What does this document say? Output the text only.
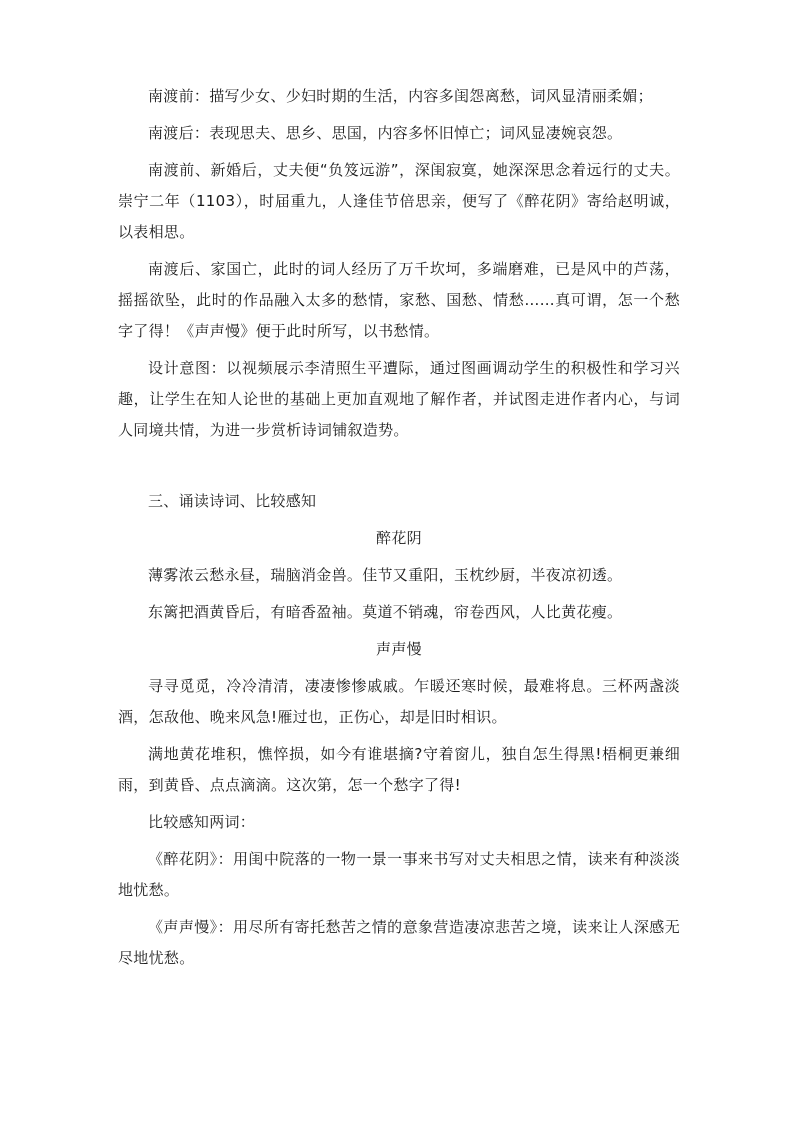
南渡前：描写少女、少妇时期的生活，内容多闺怨离愁，词风显清丽柔媚；

南渡后：表现思夫、思乡、思国，内容多怀旧悼亡；词风显凄婉哀怨。

南渡前、新婚后，丈夫便“负笈远游”，深闺寂寞，她深深思念着远行的丈夫。崇宁二年（1103），时届重九，人逢佳节倍思亲，便写了《醉花阴》寄给赵明诚，以表相思。

南渡后、家国亡，此时的词人经历了万千坎坷，多端磨难，已是风中的芦荡，摇摇欲坠，此时的作品融入太多的愁情，家愁、国愁、情愁……真可谓，怎一个愁字了得！《声声慢》便于此时所写，以书愁情。

设计意图：以视频展示李清照生平遭际，通过图画调动学生的积极性和学习兴趣，让学生在知人论世的基础上更加直观地了解作者，并试图走进作者内心，与词人同境共情，为进一步赏析诗词铺叙造势。

三、诵读诗词、比较感知

醉花阴

薄雾浓云愁永昼，瑞脑消金兽。佳节又重阳，玉枕纱厨，半夜凉初透。

东篱把酒黄昏后，有暗香盈袖。莫道不销魂，帘卷西风，人比黄花瘦。

声声慢

寻寻觅觅，冷冷清清，凄凄惨惨戚戚。乍暖还寒时候，最难将息。三杯两盏淡酒，怎敌他、晚来风急!雁过也，正伤心，却是旧时相识。

满地黄花堆积，憔悴损，如今有谁堪摘?守着窗儿，独自怎生得黑!梧桐更兼细雨，到黄昏、点点滴滴。这次第，怎一个愁字了得!

比较感知两词：

《醉花阴》：用闺中院落的一物一景一事来书写对丈夫相思之情，读来有种淡淡地忧愁。

《声声慢》：用尽所有寄托愁苦之情的意象营造凄凉悲苦之境，读来让人深感无尽地忧愁。
